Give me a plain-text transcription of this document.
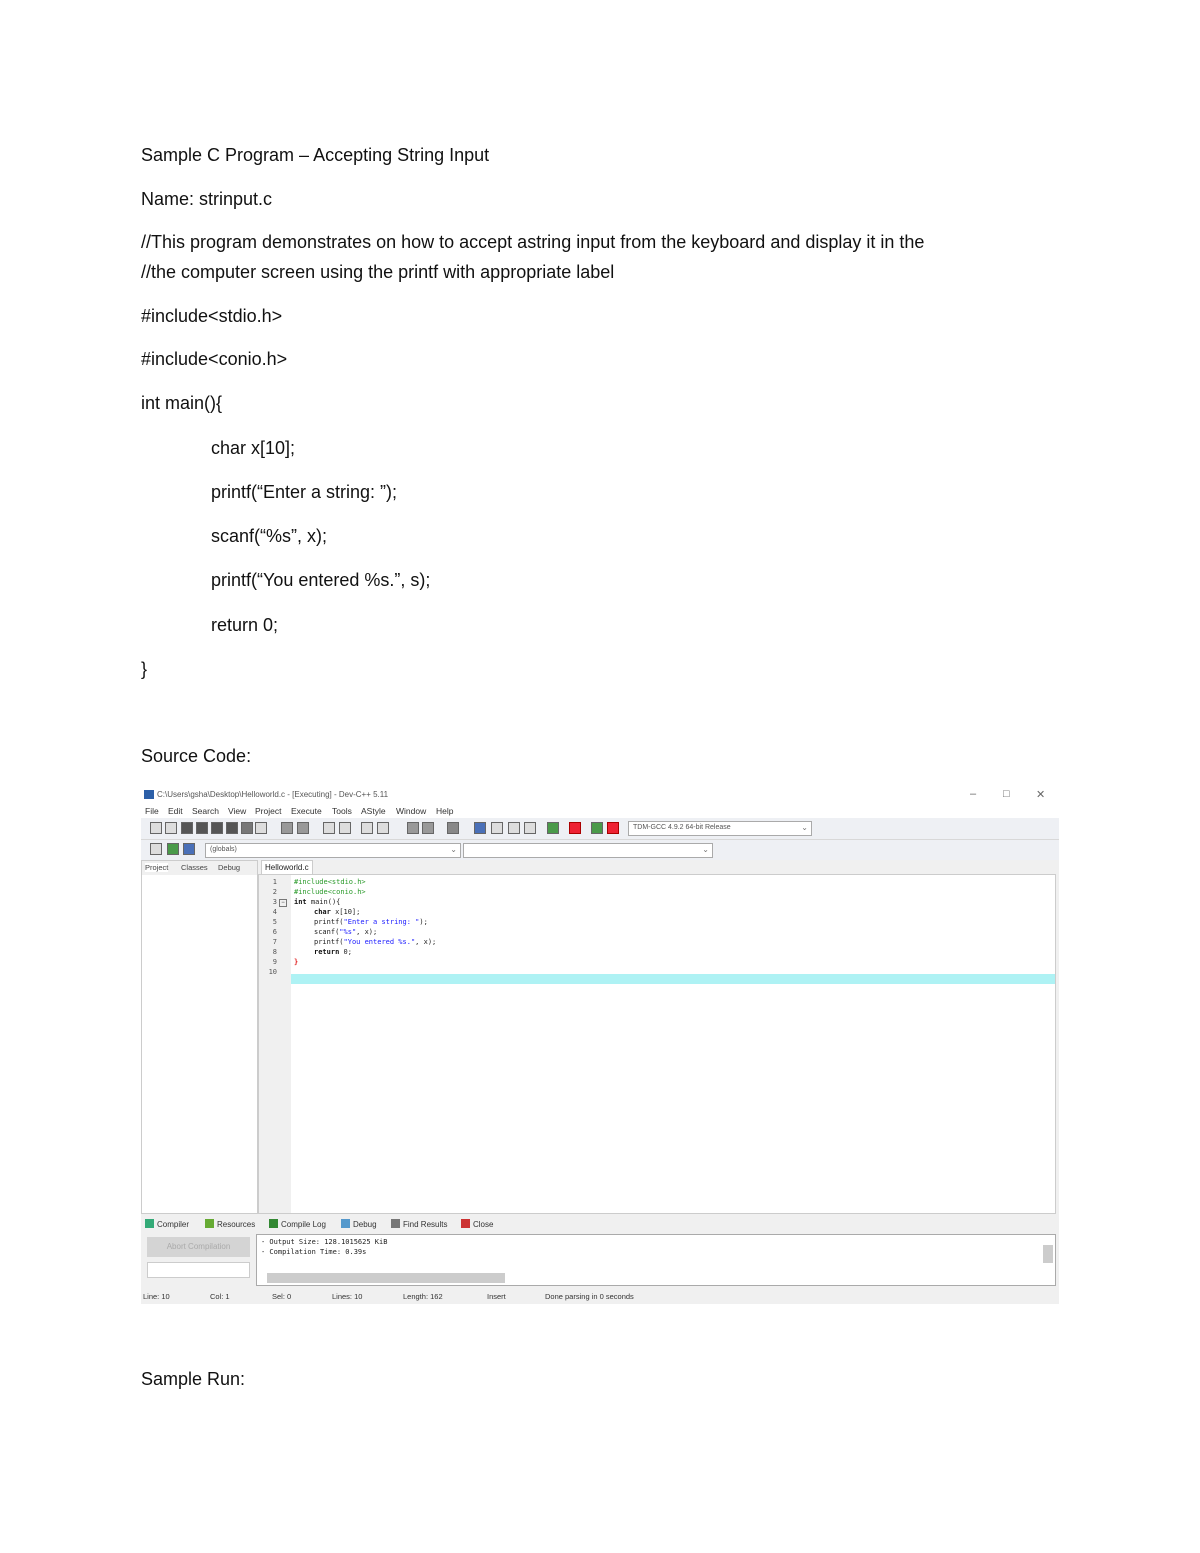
Sample C Program – Accepting String Input
Name: strinput.c
//This program demonstrates on how to accept astring input from the keyboard and display it in the
//the computer screen using the printf with appropriate label
#include<stdio.h>
#include<conio.h>
int main(){
char x[10];
printf(“Enter a string: ”);
scanf(“%s”, x);
printf(“You entered %s.”, s);
return 0;
}
Source Code:
Sample Run:
C:\Users\gsha\Desktop\Helloworld.c - [Executing] - Dev-C++ 5.11	– □ ✕
File Edit Search View Project Execute Tools AStyle Window Help
TDM-GCC 4.9.2 64-bit Release	⌄
(globals)	⌄	⌄
Project Classes Debug	Helloworld.c
1
2
3
4
5
6
7
8
9
10
−
#include<stdio.h>
#include<conio.h>
int main(){
char x[10];
printf("Enter a string: ");
scanf("%s", x);
printf("You entered %s.", x);
return 0;
}
Compiler	Resources	Compile Log	Debug	Find Results	Close
Abort Compilation	- Output Size: 128.1015625 KiB
- Compilation Time: 0.39s
Line: 10	Col: 1	Sel: 0	Lines: 10	Length: 162	Insert	Done parsing in 0 seconds
